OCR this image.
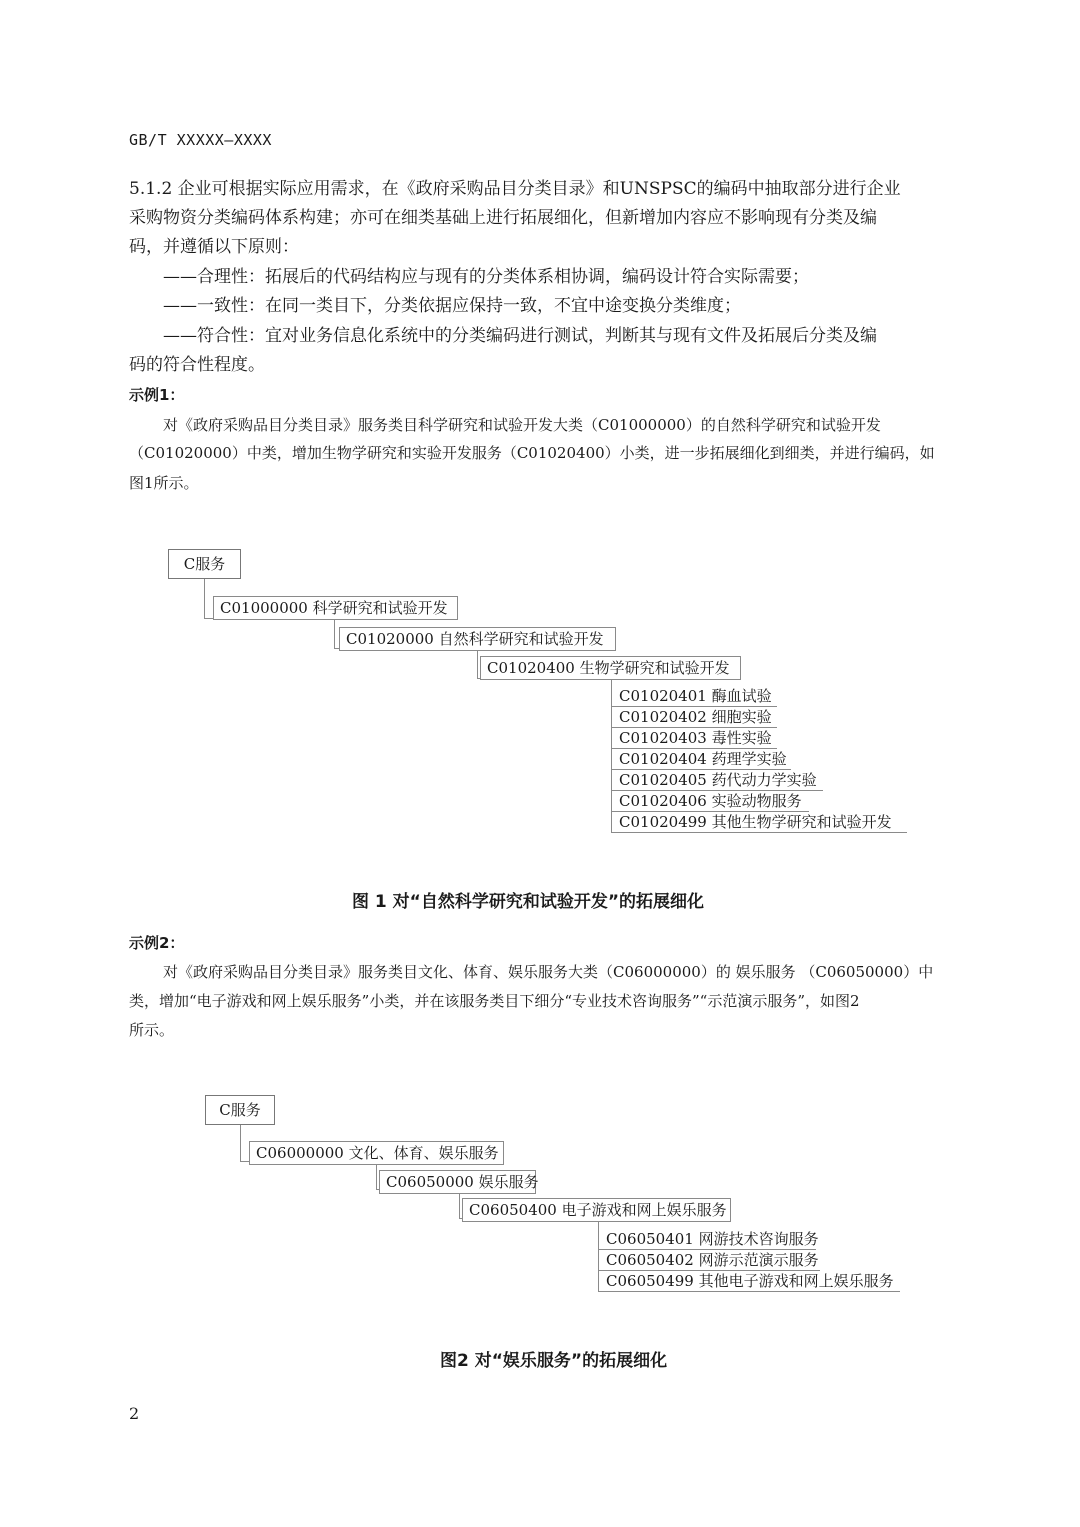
GB/T XXXXX—XXXX
5.1.2 企业可根据实际应用需求，在《政府采购品目分类目录》和UNSPSC的编码中抽取部分进行企业
采购物资分类编码体系构建；亦可在细类基础上进行拓展细化，但新增加内容应不影响现有分类及编
码，并遵循以下原则：
——合理性：拓展后的代码结构应与现有的分类体系相协调，编码设计符合实际需要；
——一致性：在同一类目下，分类依据应保持一致，不宜中途变换分类维度；
——符合性：宜对业务信息化系统中的分类编码进行测试，判断其与现有文件及拓展后分类及编
码的符合性程度。
示例1：
对《政府采购品目分类目录》服务类目科学研究和试验开发大类（C01000000）的自然科学研究和试验开发
（C01020000）中类，增加生物学研究和实验开发服务（C01020400）小类，进一步拓展细化到细类，并进行编码，如
图1所示。
C服务
C01000000 科学研究和试验开发
C01020000 自然科学研究和试验开发
C01020400 生物学研究和试验开发
C01020401 酶血试验
C01020402 细胞实验
C01020403 毒性实验
C01020404 药理学实验
C01020405 药代动力学实验
C01020406 实验动物服务
C01020499 其他生物学研究和试验开发
图 1 对“自然科学研究和试验开发”的拓展细化
示例2：
对《政府采购品目分类目录》服务类目文化、体育、娱乐服务大类（C06000000）的 娱乐服务 （C06050000）中
类，增加“电子游戏和网上娱乐服务”小类，并在该服务类目下细分“专业技术咨询服务”“示范演示服务”，如图2
所示。
C服务
C06000000 文化、体育、娱乐服务
C06050000 娱乐服务
C06050400 电子游戏和网上娱乐服务
C06050401 网游技术咨询服务
C06050402 网游示范演示服务
C06050499 其他电子游戏和网上娱乐服务
图2 对“娱乐服务”的拓展细化
2
